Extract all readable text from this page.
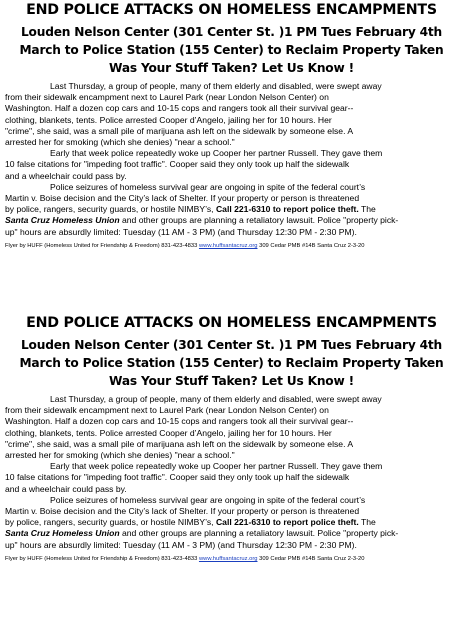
END POLICE ATTACKS ON HOMELESS ENCAMPMENTS
Louden Nelson Center (301 Center St. )1 PM Tues February 4th
March to Police Station (155 Center) to Reclaim Property Taken
Was Your Stuff Taken? Let Us Know !
Last Thursday, a group of people, many of them elderly and disabled, were swept away
from their sidewalk encampment next to Laurel Park (near London Nelson Center) on
Washington. Half a dozen cop cars and 10-15 cops and rangers took all their survival gear--
clothing, blankets, tents. Police arrested Cooper d’Angelo, jailing her for 10 hours. Her
"crime", she said, was a small pile of marijuana ash left on the sidewalk by someone else. A
arrested her for smoking (which she denies) "near a school."
Early that week police repeatedly woke up Cooper her partner Russell. They gave them
10 false citations for "impeding foot traffic". Cooper said they only took up half the sidewalk
and a wheelchair could pass by.
Police seizures of homeless survival gear are ongoing in spite of the federal court’s
Martin v. Boise decision and the City’s lack of Shelter. If your property or person is threatened
by police, rangers, security guards, or hostile NIMBY’s, Call 221-6310 to report police theft. The
Santa Cruz Homeless Union and other groups are planning a retaliatory lawsuit. Police "property pick-
up" hours are absurdly limited: Tuesday (11 AM - 3 PM) (and Thursday 12:30 PM - 2:30 PM).
Flyer by HUFF (Homeless United for Friendship & Freedom) 831-423-4833 www.huffsantacruz.org 309 Cedar PMB #14B Santa Cruz 2-3-20
END POLICE ATTACKS ON HOMELESS ENCAMPMENTS
Louden Nelson Center (301 Center St. )1 PM Tues February 4th
March to Police Station (155 Center) to Reclaim Property Taken
Was Your Stuff Taken? Let Us Know !
Last Thursday, a group of people, many of them elderly and disabled, were swept away
from their sidewalk encampment next to Laurel Park (near London Nelson Center) on
Washington. Half a dozen cop cars and 10-15 cops and rangers took all their survival gear--
clothing, blankets, tents. Police arrested Cooper d’Angelo, jailing her for 10 hours. Her
"crime", she said, was a small pile of marijuana ash left on the sidewalk by someone else. A
arrested her for smoking (which she denies) "near a school."
Early that week police repeatedly woke up Cooper her partner Russell. They gave them
10 false citations for "impeding foot traffic". Cooper said they only took up half the sidewalk
and a wheelchair could pass by.
Police seizures of homeless survival gear are ongoing in spite of the federal court’s
Martin v. Boise decision and the City’s lack of Shelter. If your property or person is threatened
by police, rangers, security guards, or hostile NIMBY’s, Call 221-6310 to report police theft. The
Santa Cruz Homeless Union and other groups are planning a retaliatory lawsuit. Police "property pick-
up" hours are absurdly limited: Tuesday (11 AM - 3 PM) (and Thursday 12:30 PM - 2:30 PM).
Flyer by HUFF (Homeless United for Friendship & Freedom) 831-423-4833 www.huffsantacruz.org 309 Cedar PMB #14B Santa Cruz 2-3-20
